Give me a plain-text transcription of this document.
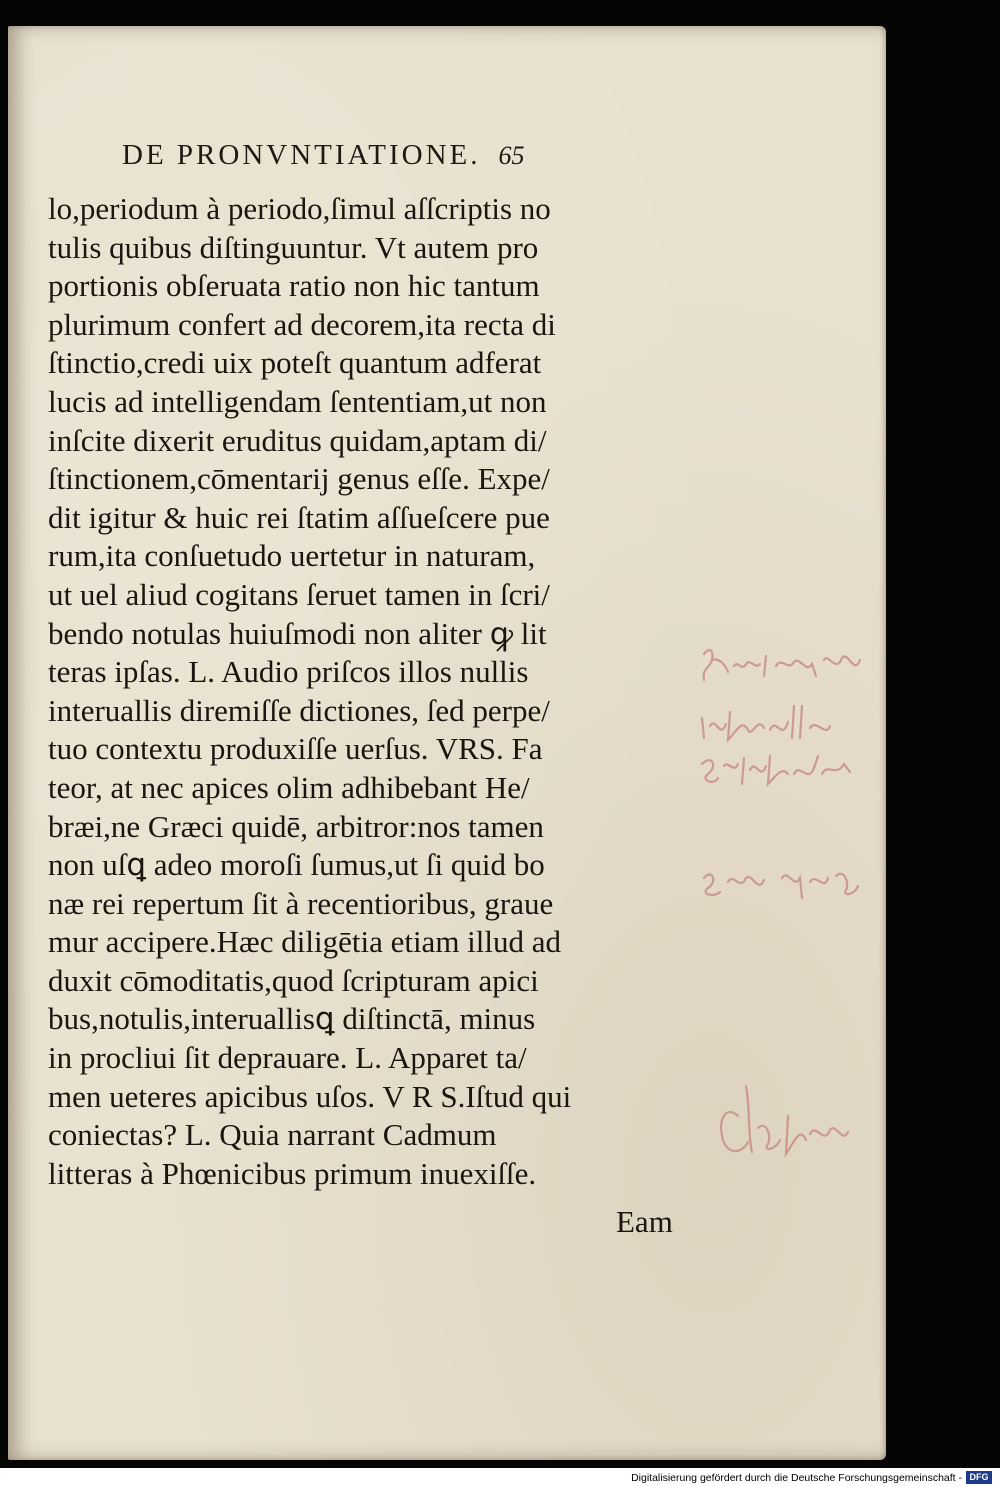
DE PRONVNTIATIONE. 65
lo,periodum à periodo,ſimul aſſcriptis no
tulis quibus diſtinguuntur. Vt autem pro
portionis obſeruata ratio non hic tantum
plurimum confert ad decorem,ita recta di
ſtinctio,credi uix poteſt quantum adferat
lucis ad intelligendam ſententiam,ut non
inſcite dixerit eruditus quidam,aptam di/
ſtinctionem,cōmentarij genus eſſe. Expe/
dit igitur & huic rei ſtatim aſſueſcere pue
rum,ita conſuetudo uertetur in naturam,
ut uel aliud cogitans ſeruet tamen in ſcri/
bendo notulas huiuſmodi non aliter ꝙ lit
teras ipſas. L. Audio priſcos illos nullis
interuallis diremiſſe dictiones, ſed perpe/
tuo contextu produxiſſe uerſus. VRS. Fa
teor, at nec apices olim adhibebant He/
bræi,ne Græci quidē, arbitror:nos tamen
non uſꝗ adeo moroſi ſumus,ut ſi quid bo
næ rei repertum ſit à recentioribus, graue
mur accipere.Hæc diligētia etiam illud ad
duxit cōmoditatis,quod ſcripturam apici
bus,notulis,interuallisꝗ diſtinctā, minus
in procliui ſit deprauare. L. Apparet ta/
men ueteres apicibus uſos. V R S.Iſtud qui
coniectas? L. Quia narrant Cadmum
litteras à Phœnicibus primum inuexiſſe.
Eam
Digitalisierung gefördert durch die Deutsche Forschungsgemeinschaft - DFG
